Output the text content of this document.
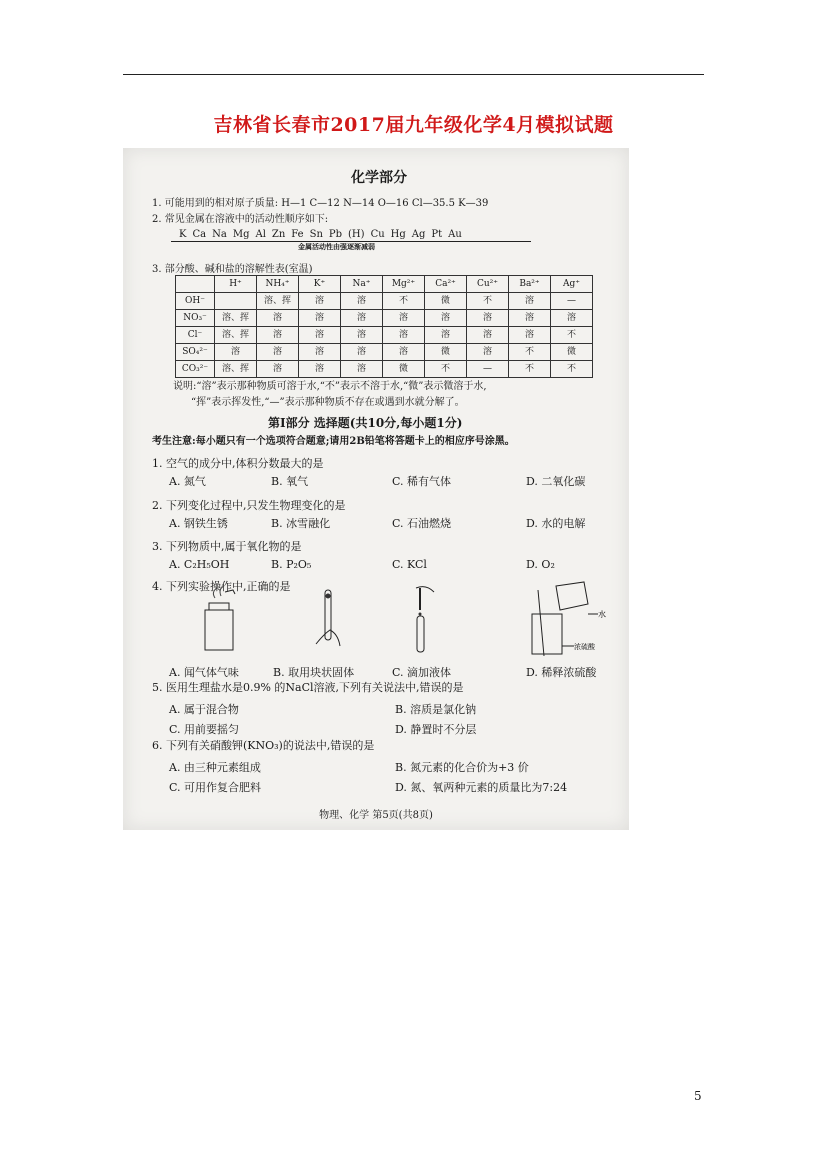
吉林省长春市2017届九年级化学4月模拟试题
化学部分
1. 可能用到的相对原子质量: H—1 C—12 N—14 O—16 Cl—35.5 K—39
2. 常见金属在溶液中的活动性顺序如下:
K Ca Na Mg Al Zn Fe Sn Pb (H) Cu Hg Ag Pt Au
金属活动性由强逐渐减弱
3. 部分酸、碱和盐的溶解性表(室温)
	H⁺	NH₄⁺	K⁺	Na⁺	Mg²⁺	Ca²⁺	Cu²⁺	Ba²⁺	Ag⁺
OH⁻		溶、挥	溶	溶	不	微	不	溶	—
NO₃⁻	溶、挥	溶	溶	溶	溶	溶	溶	溶	溶
Cl⁻	溶、挥	溶	溶	溶	溶	溶	溶	溶	不
SO₄²⁻	溶	溶	溶	溶	溶	微	溶	不	微
CO₃²⁻	溶、挥	溶	溶	溶	微	不	—	不	不
说明:“溶”表示那种物质可溶于水,“不”表示不溶于水,“微”表示微溶于水,
“挥”表示挥发性,“—”表示那种物质不存在或遇到水就分解了。
第Ⅰ部分 选择题(共10分,每小题1分)
考生注意:每小题只有一个选项符合题意;请用2B铅笔将答题卡上的相应序号涂黑。
1. 空气的成分中,体积分数最大的是
A. 氮气	B. 氧气	C. 稀有气体	D. 二氧化碳
2. 下列变化过程中,只发生物理变化的是
A. 钢铁生锈	B. 冰雪融化	C. 石油燃烧	D. 水的电解
3. 下列物质中,属于氧化物的是
A. C₂H₅OH	B. P₂O₅	C. KCl	D. O₂
4. 下列实验操作中,正确的是
A. 闻气体气味	B. 取用块状固体	C. 滴加液体	D. 稀释浓硫酸
5. 医用生理盐水是0.9% 的NaCl溶液,下列有关说法中,错误的是
A. 属于混合物	B. 溶质是氯化钠
C. 用前要摇匀	D. 静置时不分层
6. 下列有关硝酸钾(KNO₃)的说法中,错误的是
A. 由三种元素组成	B. 氮元素的化合价为+3 价
C. 可用作复合肥料	D. 氮、氧两种元素的质量比为7:24
水
浓硫酸
物理、化学 第5页(共8页)
5
